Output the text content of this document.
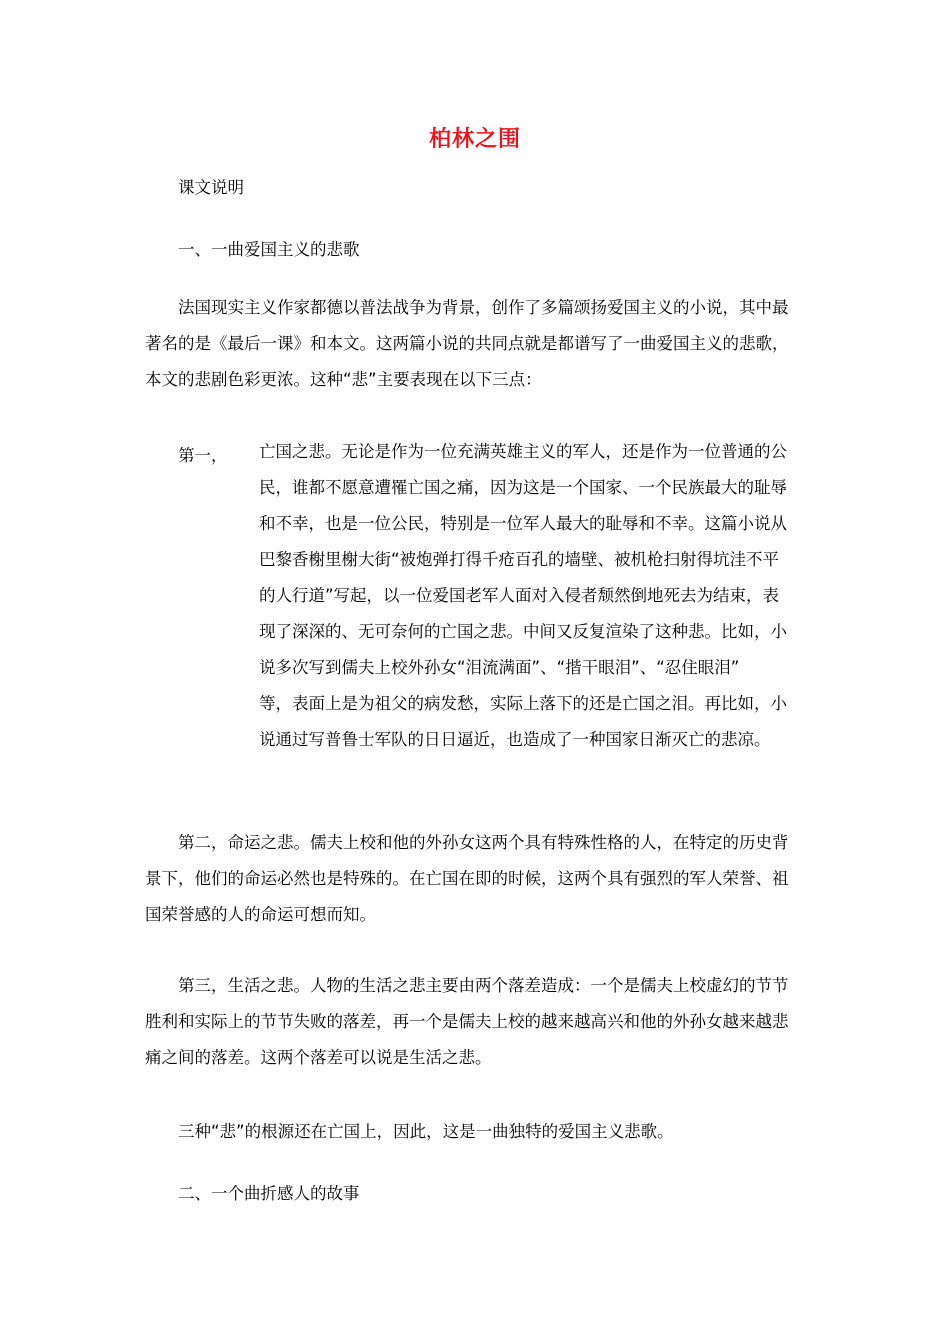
柏林之围
课文说明
一、一曲爱国主义的悲歌
法国现实主义作家都德以普法战争为背景，创作了多篇颂扬爱国主义的小说，其中最
著名的是《最后一课》和本文。这两篇小说的共同点就是都谱写了一曲爱国主义的悲歌，
本文的悲剧色彩更浓。这种“悲”主要表现在以下三点：
第一， 亡国之悲。无论是作为一位充满英雄主义的军人，还是作为一位普通的公
民，谁都不愿意遭罹亡国之痛，因为这是一个国家、一个民族最大的耻辱
和不幸，也是一位公民，特别是一位军人最大的耻辱和不幸。这篇小说从
巴黎香榭里榭大街“被炮弹打得千疮百孔的墙壁、被机枪扫射得坑洼不平
的人行道”写起，以一位爱国老军人面对入侵者颓然倒地死去为结束，表
现了深深的、无可奈何的亡国之悲。中间又反复渲染了这种悲。比如，小
说多次写到儒夫上校外孙女“泪流满面”、“揩干眼泪”、“忍住眼泪”
等，表面上是为祖父的病发愁，实际上落下的还是亡国之泪。再比如，小
说通过写普鲁士军队的日日逼近，也造成了一种国家日渐灭亡的悲凉。
第二，命运之悲。儒夫上校和他的外孙女这两个具有特殊性格的人，在特定的历史背
景下，他们的命运必然也是特殊的。在亡国在即的时候，这两个具有强烈的军人荣誉、祖
国荣誉感的人的命运可想而知。
第三，生活之悲。人物的生活之悲主要由两个落差造成：一个是儒夫上校虚幻的节节
胜利和实际上的节节失败的落差，再一个是儒夫上校的越来越高兴和他的外孙女越来越悲
痛之间的落差。这两个落差可以说是生活之悲。
三种“悲”的根源还在亡国上，因此，这是一曲独特的爱国主义悲歌。
二、一个曲折感人的故事
